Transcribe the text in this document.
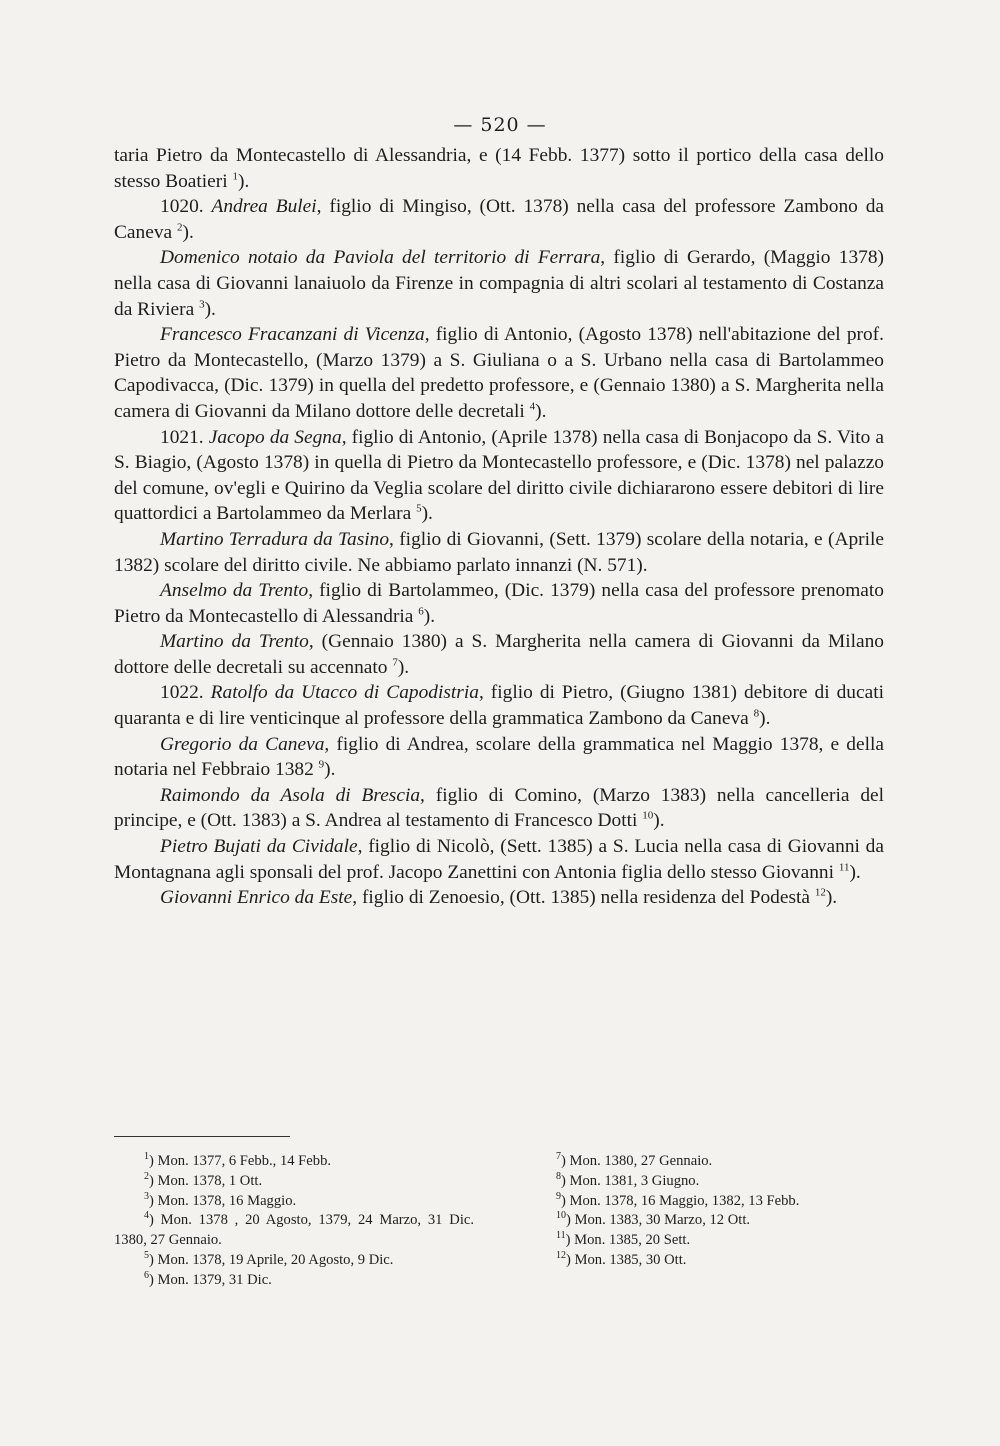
— 520 —

taria Pietro da Montecastello di Alessandria, e (14 Febb. 1377) sotto il portico della casa dello stesso Boatieri $^1$).

1020. Andrea Bulei, figlio di Mingiso, (Ott. 1378) nella casa del professore Zambono da Caneva $^2$).

Domenico notaio da Paviola del territorio di Ferrara, figlio di Gerardo, (Maggio 1378) nella casa di Giovanni lanaiuolo da Firenze in compagnia di altri scolari al testamento di Costanza da Riviera $^3$).

Francesco Fracanzani di Vicenza, figlio di Antonio, (Agosto 1378) nell'abitazione del prof. Pietro da Montecastello, (Marzo 1379) a S. Giuliana o a S. Urbano nella casa di Bartolammeo Capodivacca, (Dic. 1379) in quella del predetto professore, e (Gennaio 1380) a S. Margherita nella camera di Giovanni da Milano dottore delle decretali $^4$).

1021. Jacopo da Segna, figlio di Antonio, (Aprile 1378) nella casa di Bonjacopo da S. Vito a S. Biagio, (Agosto 1378) in quella di Pietro da Montecastello professore, e (Dic. 1378) nel palazzo del comune, ov'egli e Quirino da Veglia scolare del diritto civile dichiararono essere debitori di lire quattordici a Bartolammeo da Merlara $^5$).

Martino Terradura da Tasino, figlio di Giovanni, (Sett. 1379) scolare della notaria, e (Aprile 1382) scolare del diritto civile. Ne abbiamo parlato innanzi (N. 571).

Anselmo da Trento, figlio di Bartolammeo, (Dic. 1379) nella casa del professore prenomato Pietro da Montecastello di Alessandria $^6$).

Martino da Trento, (Gennaio 1380) a S. Margherita nella camera di Giovanni da Milano dottore delle decretali su accennato $^7$).

1022. Ratolfo da Utacco di Capodistria, figlio di Pietro, (Giugno 1381) debitore di ducati quaranta e di lire venticinque al professore della grammatica Zambono da Caneva $^8$).

Gregorio da Caneva, figlio di Andrea, scolare della grammatica nel Maggio 1378, e della notaria nel Febbraio 1382 $^9$).

Raimondo da Asola di Brescia, figlio di Comino, (Marzo 1383) nella cancelleria del principe, e (Ott. 1383) a S. Andrea al testamento di Francesco Dotti $^{10}$).

Pietro Bujati da Cividale, figlio di Nicolò, (Sett. 1385) a S. Lucia nella casa di Giovanni da Montagnana agli sponsali del prof. Jacopo Zanettini con Antonia figlia dello stesso Giovanni $^{11}$).

Giovanni Enrico da Este, figlio di Zenoesio, (Ott. 1385) nella residenza del Podestà $^{12}$).

$^1$) Mon. 1377, 6 Febb., 14 Febb.
$^2$) Mon. 1378, 1 Ott.
$^3$) Mon. 1378, 16 Maggio.
$^4$) Mon. 1378 , 20 Agosto, 1379, 24 Marzo, 31 Dic. 1380, 27 Gennaio.
$^5$) Mon. 1378, 19 Aprile, 20 Agosto, 9 Dic.
$^6$) Mon. 1379, 31 Dic.
$^7$) Mon. 1380, 27 Gennaio.
$^8$) Mon. 1381, 3 Giugno.
$^9$) Mon. 1378, 16 Maggio, 1382, 13 Febb.
$^{10}$) Mon. 1383, 30 Marzo, 12 Ott.
$^{11}$) Mon. 1385, 20 Sett.
$^{12}$) Mon. 1385, 30 Ott.
